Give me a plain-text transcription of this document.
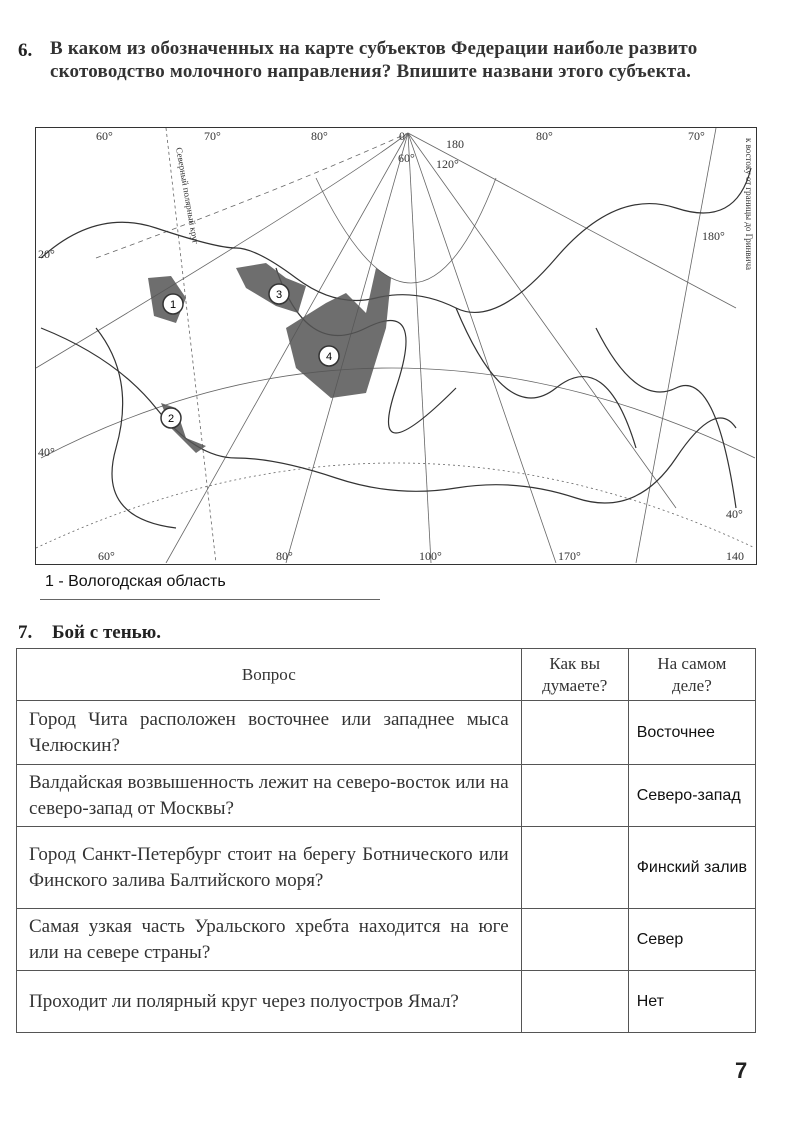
6. В каком из обозначенных на карте субъектов Федерации наиболе развито скотоводство молочного направления? Впишите названи этого субъекта.
60°	70°	80°	0
180
80°	70°
60° 120°
20°
40°
180°
40°
60°	80°	100°	170°	140
Северный полярный круг	к востоку от границы до Гринвича
1
2
3
4
1 - Вологодская область
7. Бой с тенью.
Вопрос	Как вы думаете?	На самом деле?
Город Чита расположен восточнее или западнее мыса Челюскин?		Восточнее
Валдайская возвышенность лежит на северо-восток или на северо-запад от Москвы?		Северо-запад
Город Санкт-Петербург стоит на берегу Ботнического или Финского залива Балтийского моря?		Финский залив
Самая узкая часть Уральского хребта находится на юге или на севере страны?		Север
Проходит ли полярный круг через полуостров Ямал?		Нет
7
